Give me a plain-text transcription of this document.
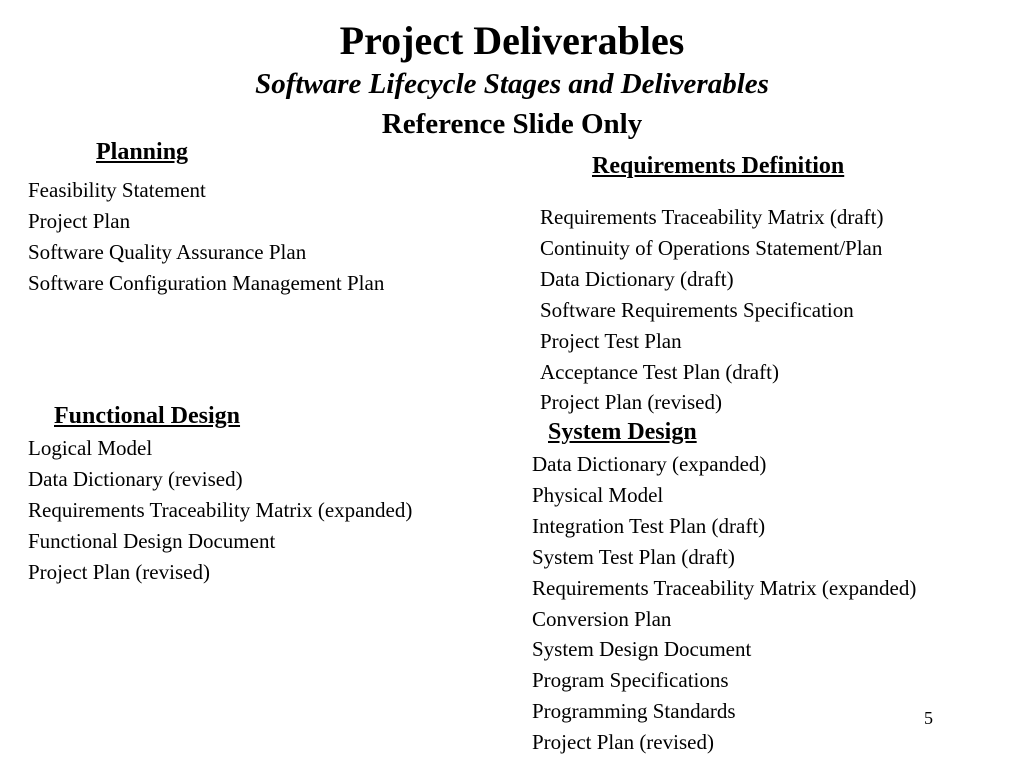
Project Deliverables
Software Lifecycle Stages and Deliverables
Reference Slide Only
Planning
Feasibility Statement
Project Plan
Software Quality Assurance Plan
Software Configuration Management Plan
Requirements Definition
Requirements Traceability Matrix (draft)
Continuity of Operations Statement/Plan
Data Dictionary (draft)
Software Requirements Specification
Project Test Plan
Acceptance Test Plan (draft)
Project Plan (revised)
Functional Design
Logical Model
Data Dictionary (revised)
Requirements Traceability Matrix (expanded)
Functional Design Document
Project Plan (revised)
System Design
Data Dictionary (expanded)
Physical Model
Integration Test Plan (draft)
System Test Plan (draft)
Requirements Traceability Matrix (expanded)
Conversion Plan
System Design Document
Program Specifications
Programming Standards
Project Plan (revised)
5
